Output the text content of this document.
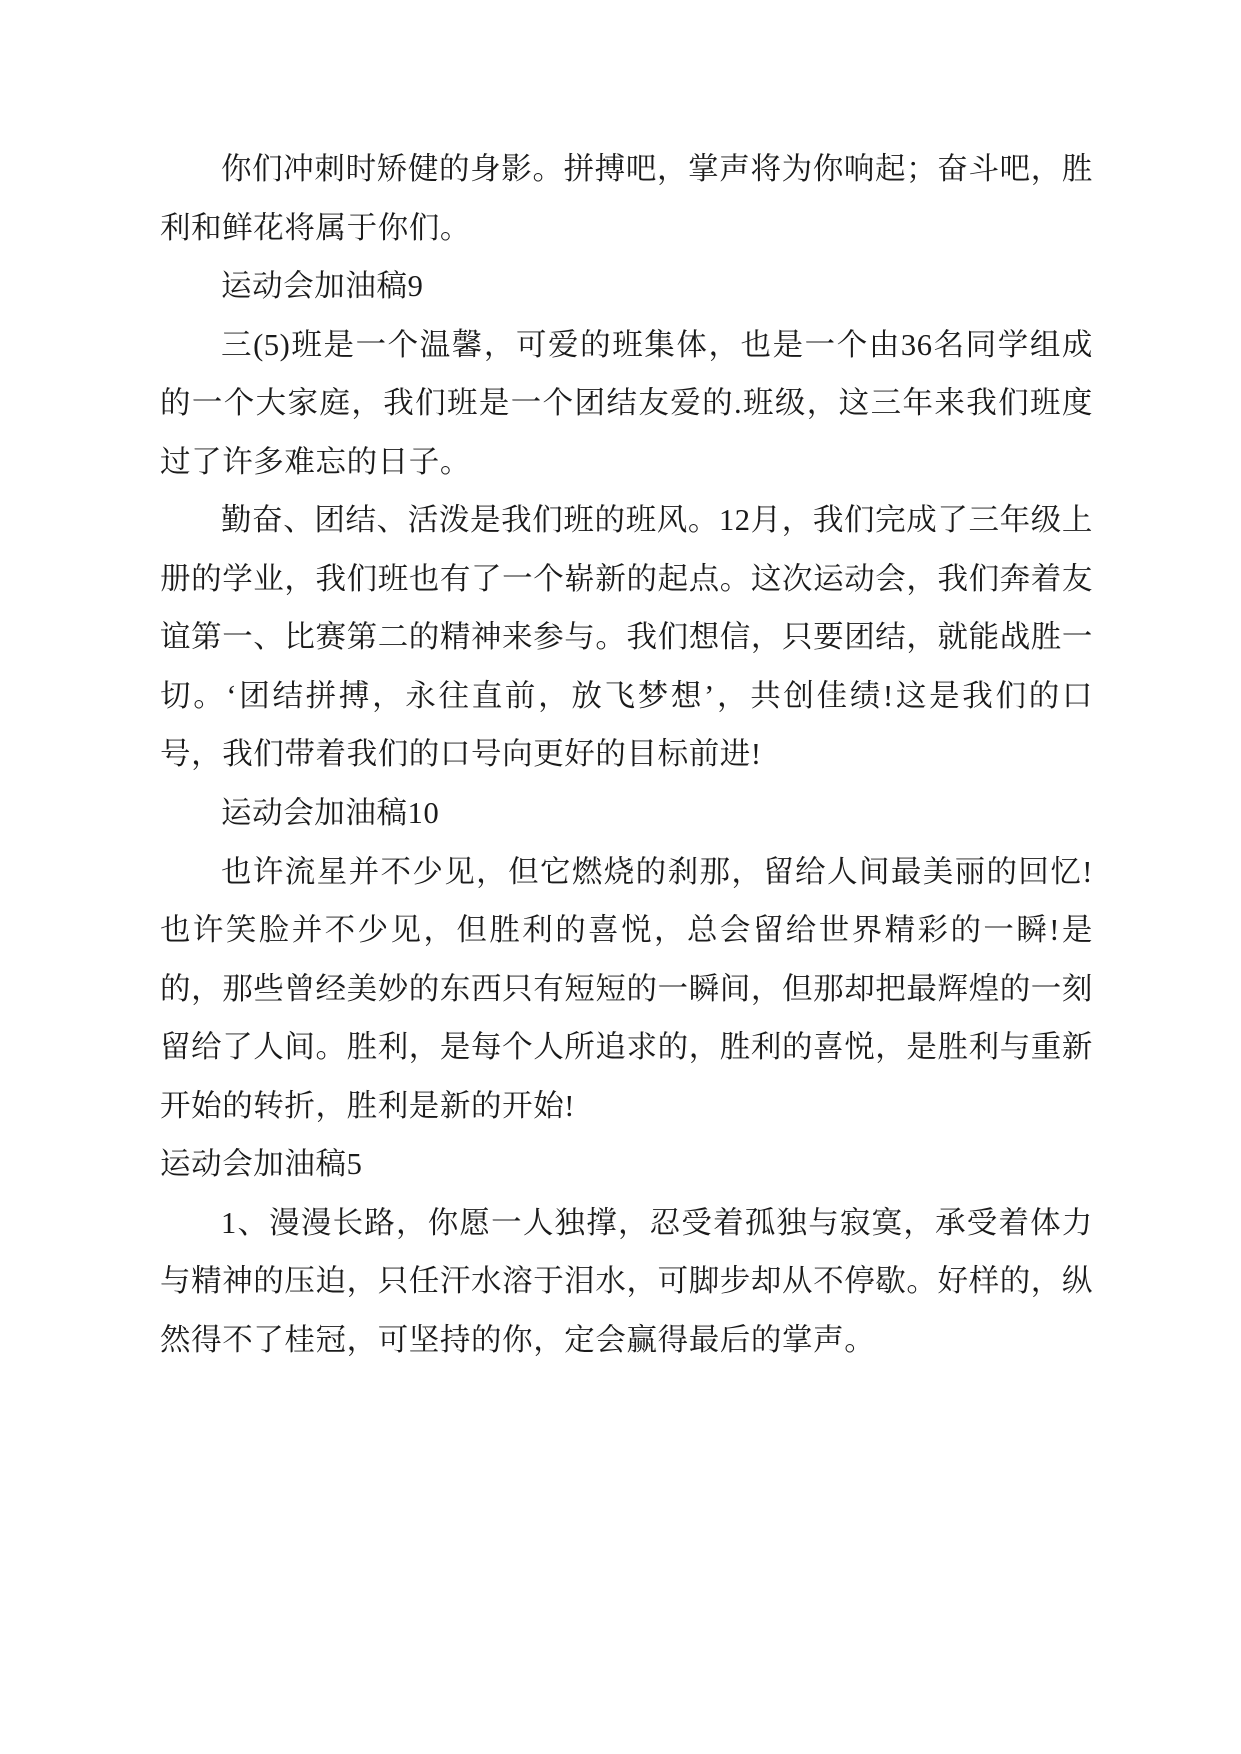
你们冲刺时矫健的身影。拼搏吧，掌声将为你响起；奋斗吧，胜利和鲜花将属于你们。

运动会加油稿9

三(5)班是一个温馨，可爱的班集体，也是一个由36名同学组成的一个大家庭，我们班是一个团结友爱的.班级，这三年来我们班度过了许多难忘的日子。

勤奋、团结、活泼是我们班的班风。12月，我们完成了三年级上册的学业，我们班也有了一个崭新的起点。这次运动会，我们奔着友谊第一、比赛第二的精神来参与。我们想信，只要团结，就能战胜一切。‘团结拼搏，永往直前，放飞梦想’，共创佳绩!这是我们的口号，我们带着我们的口号向更好的目标前进!

运动会加油稿10

也许流星并不少见，但它燃烧的刹那，留给人间最美丽的回忆!也许笑脸并不少见，但胜利的喜悦，总会留给世界精彩的一瞬!是的，那些曾经美妙的东西只有短短的一瞬间，但那却把最辉煌的一刻留给了人间。胜利，是每个人所追求的，胜利的喜悦，是胜利与重新开始的转折，胜利是新的开始!

运动会加油稿5

1、漫漫长路，你愿一人独撑，忍受着孤独与寂寞，承受着体力与精神的压迫，只任汗水溶于泪水，可脚步却从不停歇。好样的，纵然得不了桂冠，可坚持的你，定会赢得最后的掌声。
